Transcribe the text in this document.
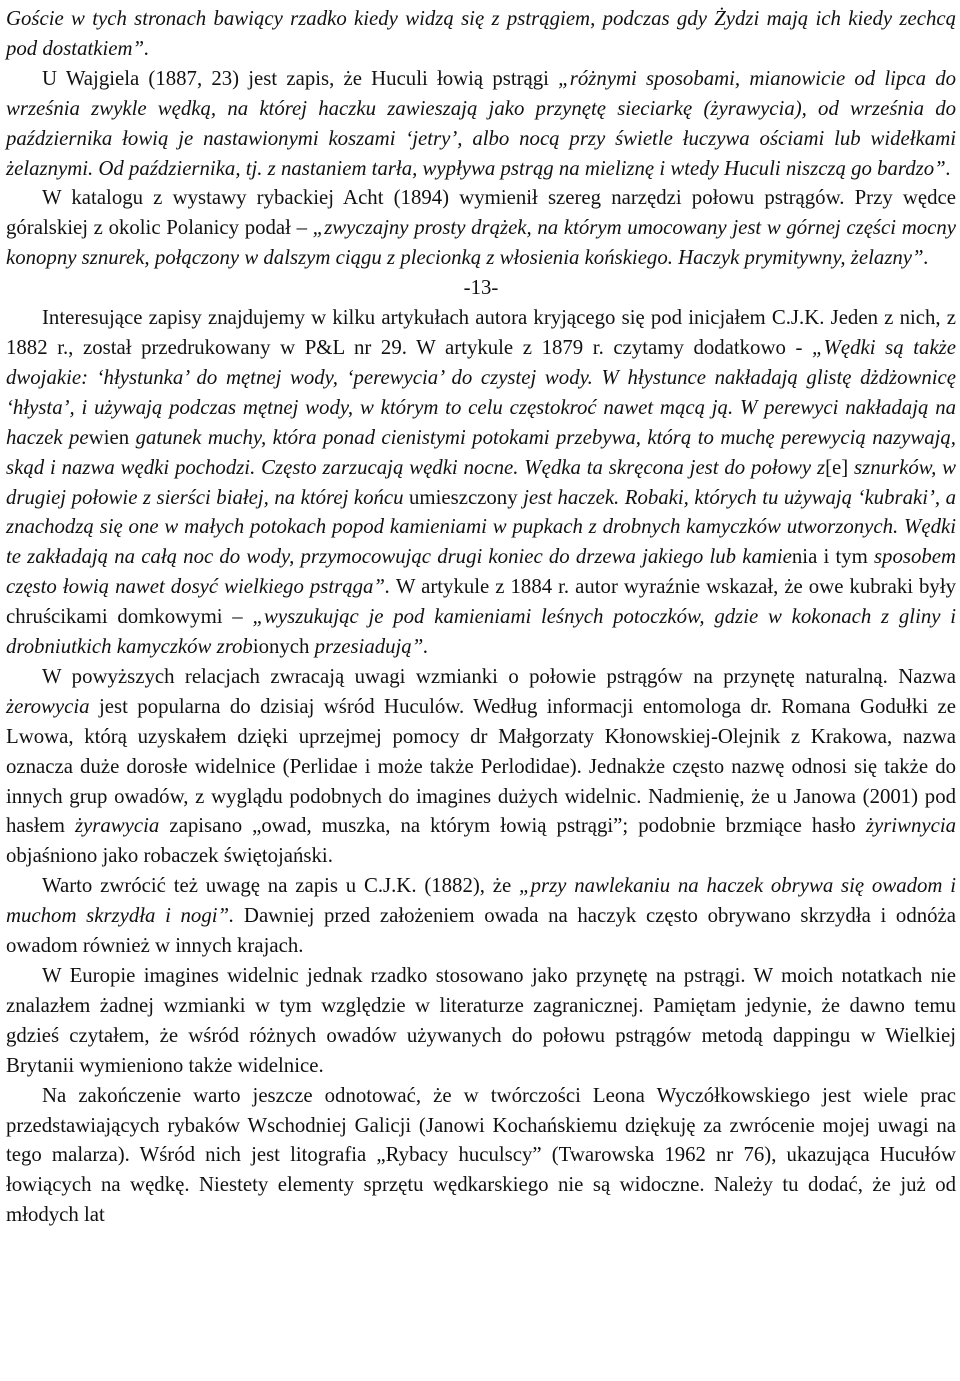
Goście w tych stronach bawiący rzadko kiedy widzą się z pstrągiem, podczas gdy Żydzi mają ich kiedy zechcą pod dostatkiem”.

U Wajgiela (1887, 23) jest zapis, że Huculi łowią pstrągi „różnymi sposobami, mianowicie od lipca do września zwykle wędką, na której haczku zawieszają jako przynętę sieciarkę (żyrawycia), od września do października łowią je nastawionymi koszami ‘jetry’, albo nocą przy świetle łuczywa ościami lub widełkami żelaznymi. Od października, tj. z nastaniem tarła, wypływa pstrąg na mieliznę i wtedy Huculi niszczą go bardzo”.

W katalogu z wystawy rybackiej Acht (1894) wymienił szereg narzędzi połowu pstrągów. Przy wędce góralskiej z okolic Polanicy podał – „zwyczajny prosty drążek, na którym umocowany jest w górnej części mocny konopny sznurek, połączony w dalszym ciągu z plecionką z włosienia końskiego. Haczyk prymitywny, żelazny”.

-13-

Interesujące zapisy znajdujemy w kilku artykułach autora kryjącego się pod inicjałem C.J.K. Jeden z nich, z 1882 r., został przedrukowany w P&L nr 29. W artykule z 1879 r. czytamy dodatkowo - „Wędki są także dwojakie: ‘hłystunka’ do mętnej wody, ‘perewycia’ do czystej wody. W hłystunce nakładają glistę dżdżownicę ‘hłysta’, i używają podczas mętnej wody, w którym to celu częstokroć nawet mącą ją. W perewyci nakładają na haczek pewien gatunek muchy, która ponad cienistymi potokami przebywa, którą to muchę perewycią nazywają, skąd i nazwa wędki pochodzi. Często zarzucają wędki nocne. Wędka ta skręcona jest do połowy z[e] sznurków, w drugiej połowie z sierści białej, na której końcu umieszczony jest haczek. Robaki, których tu używają ‘kubraki’, a znachodzą się one w małych potokach popod kamieniami w pupkach z drobnych kamyczków utworzonych. Wędki te zakładają na całą noc do wody, przymocowując drugi koniec do drzewa jakiego lub kamienia i tym sposobem często łowią nawet dosyć wielkiego pstrąga”. W artykule z 1884 r. autor wyraźnie wskazał, że owe kubraki były chruścikami domkowymi – „wyszukując je pod kamieniami leśnych potoczków, gdzie w kokonach z gliny i drobniutkich kamyczków zrobionych przesiadują”.

W powyższych relacjach zwracają uwagi wzmianki o połowie pstrągów na przynętę naturalną. Nazwa żerowycia jest popularna do dzisiaj wśród Huculów. Według informacji entomologa dr. Romana Godułki ze Lwowa, którą uzyskałem dzięki uprzejmej pomocy dr Małgorzaty Kłonowskiej-Olejnik z Krakowa, nazwa oznacza duże dorosłe widelnice (Perlidae i może także Perlodidae). Jednakże często nazwę odnosi się także do innych grup owadów, z wyglądu podobnych do imagines dużych widelnic. Nadmienię, że u Janowa (2001) pod hasłem żyrawycia zapisano „owad, muszka, na którym łowią pstrągi”; podobnie brzmiące hasło żyriwnycia objaśniono jako robaczek świętojański.

Warto zwrócić też uwagę na zapis u C.J.K. (1882), że „przy nawlekaniu na haczek obrywa się owadom i muchom skrzydła i nogi”. Dawniej przed założeniem owada na haczyk często obrywano skrzydła i odnóża owadom również w innych krajach.

W Europie imagines widelnic jednak rzadko stosowano jako przynętę na pstrągi. W moich notatkach nie znalazłem żadnej wzmianki w tym względzie w literaturze zagranicznej. Pamiętam jedynie, że dawno temu gdzieś czytałem, że wśród różnych owadów używanych do połowu pstrągów metodą dappingu w Wielkiej Brytanii wymieniono także widelnice.

Na zakończenie warto jeszcze odnotować, że w twórczości Leona Wyczółkowskiego jest wiele prac przedstawiających rybaków Wschodniej Galicji (Janowi Kochańskiemu dziękuję za zwrócenie mojej uwagi na tego malarza). Wśród nich jest litografia „Rybacy huculscy” (Twarowska 1962 nr 76), ukazująca Hucułów łowiących na wędkę. Niestety elementy sprzętu wędkarskiego nie są widoczne. Należy tu dodać, że już od młodych lat
